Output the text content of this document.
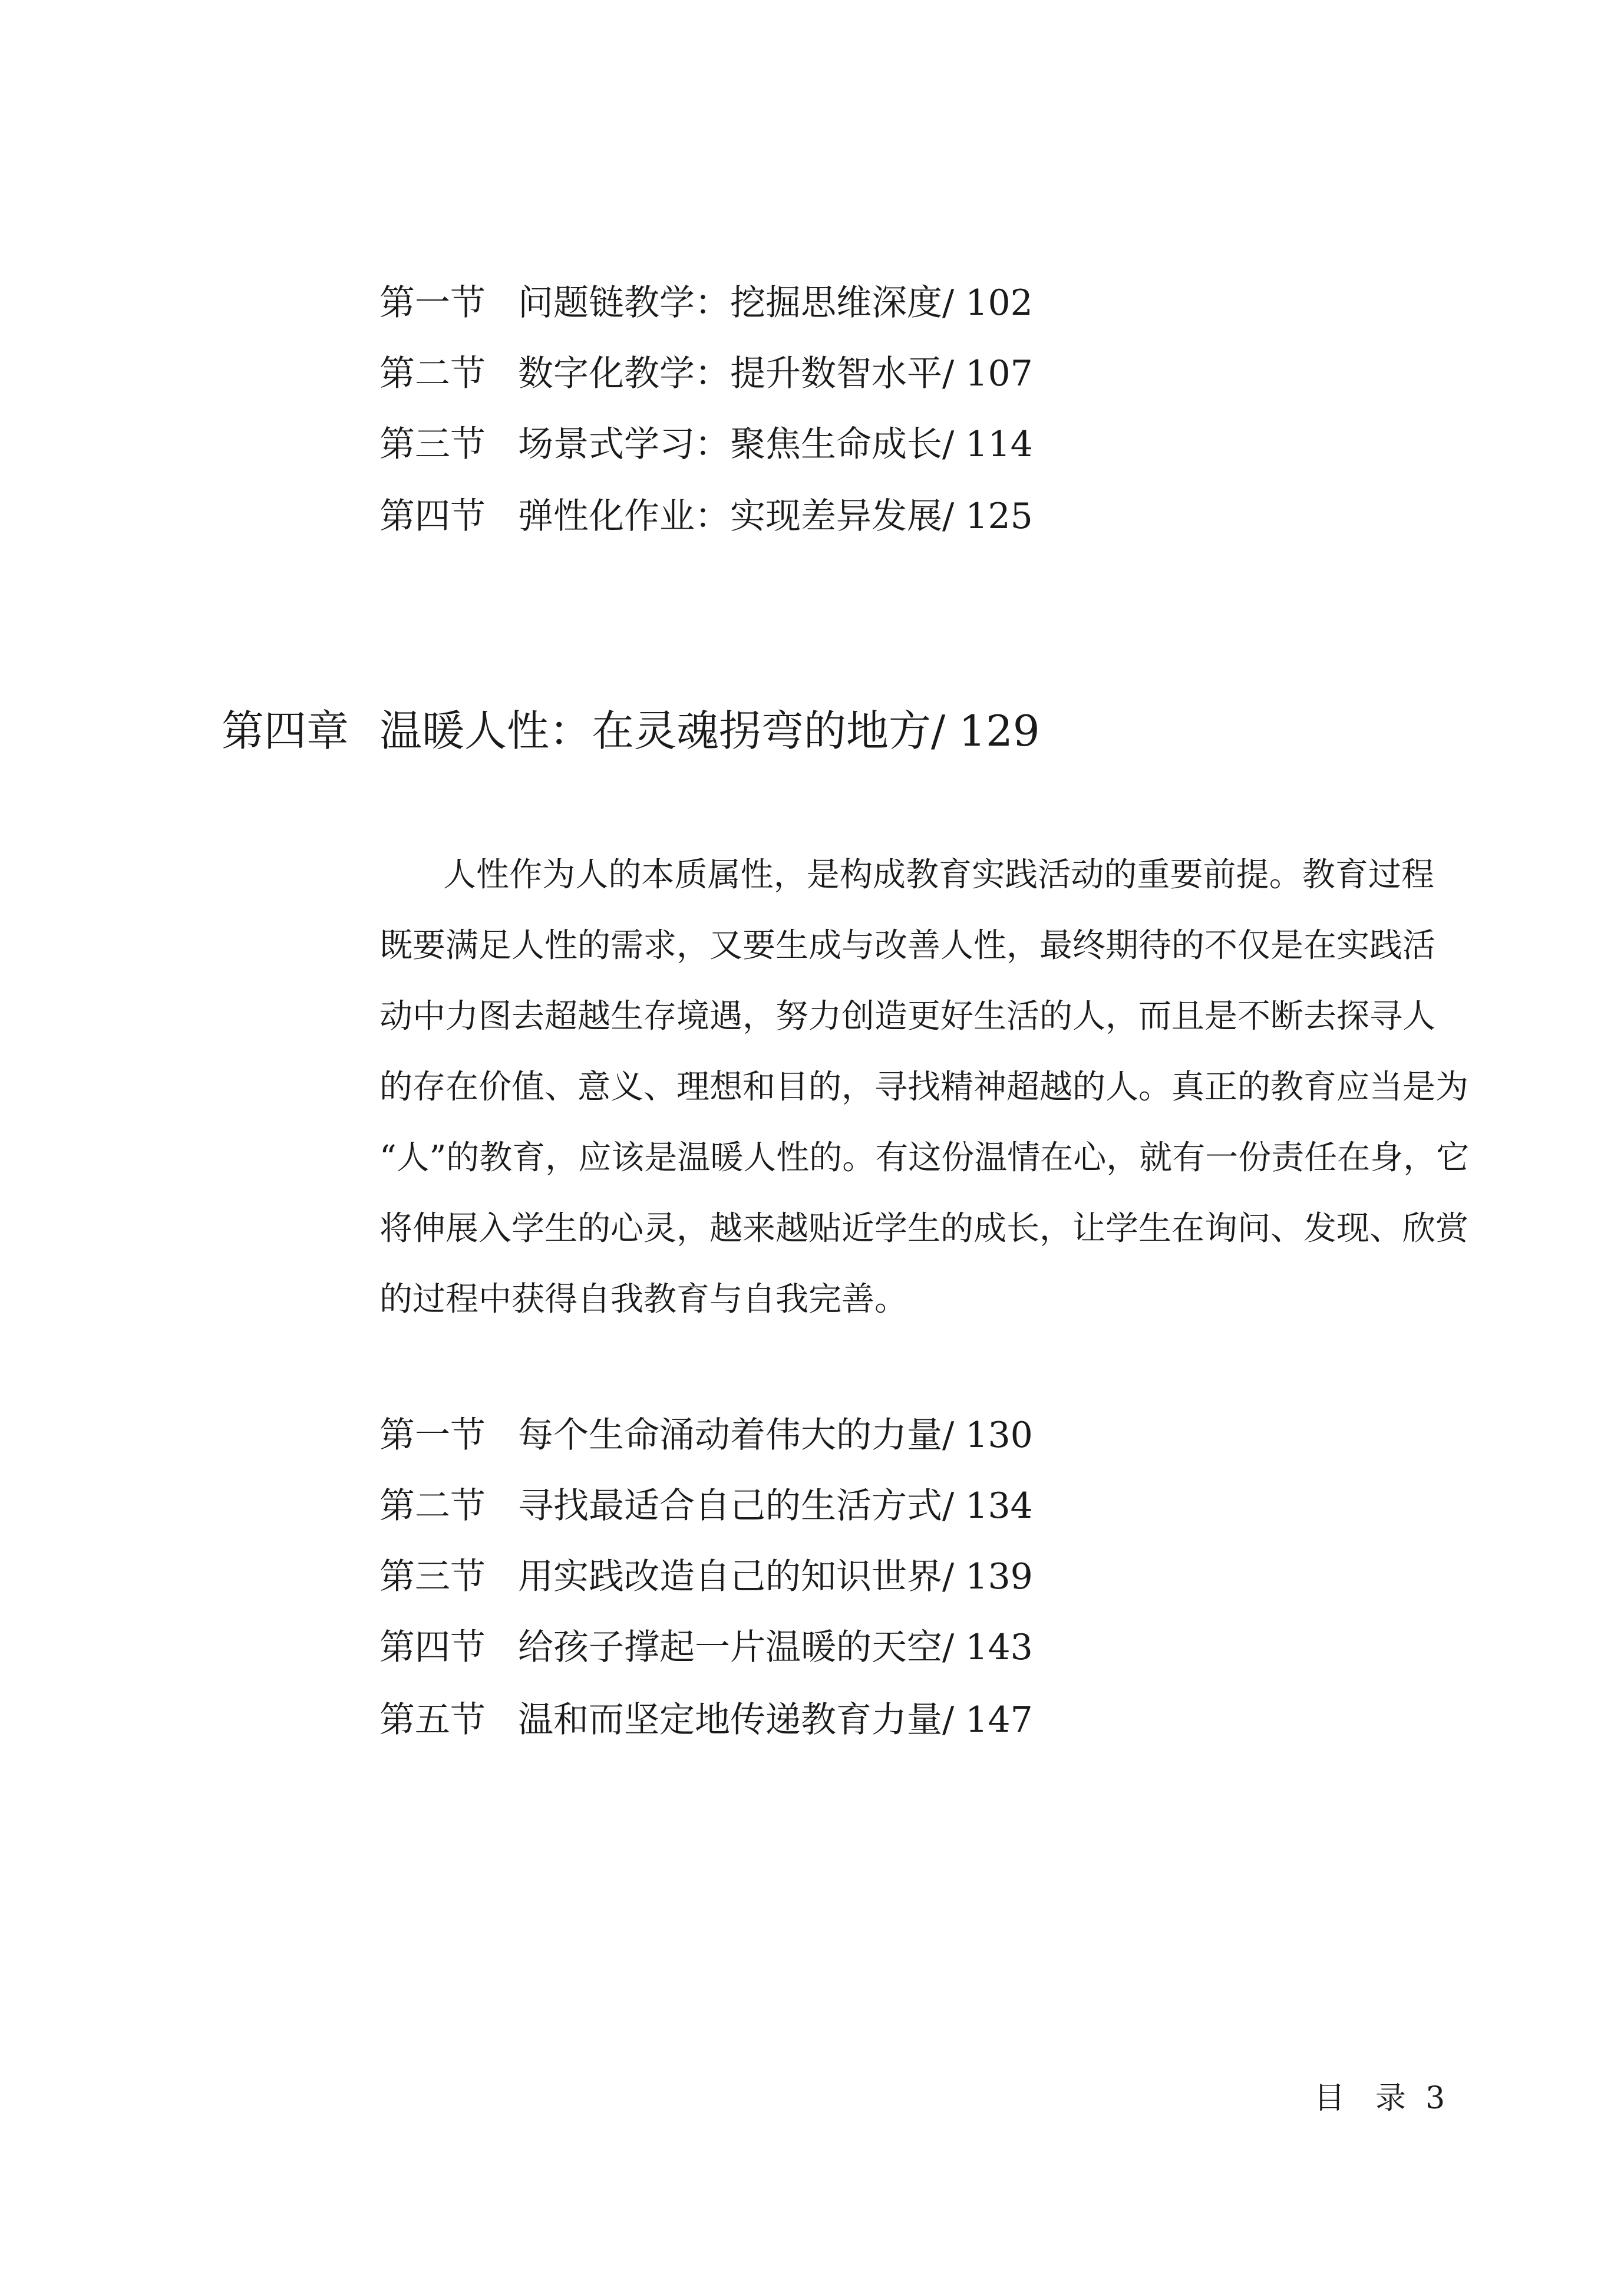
第一节 问题链教学：挖掘思维深度/ 102
第二节 数字化教学：提升数智水平/ 107
第三节 场景式学习：聚焦生命成长/ 114
第四节 弹性化作业：实现差异发展/ 125
第四章 温暖人性：在灵魂拐弯的地方/ 129
人性作为人的本质属性，是构成教育实践活动的重要前提。教育过程
既要满足人性的需求，又要生成与改善人性，最终期待的不仅是在实践活
动中力图去超越生存境遇，努力创造更好生活的人，而且是不断去探寻人
的存在价值、意义、理想和目的，寻找精神超越的人。真正的教育应当是为
“人”的教育，应该是温暖人性的。有这份温情在心，就有一份责任在身，它
将伸展入学生的心灵，越来越贴近学生的成长，让学生在询问、发现、欣赏
的过程中获得自我教育与自我完善。
第一节 每个生命涌动着伟大的力量/ 130
第二节 寻找最适合自己的生活方式/ 134
第三节 用实践改造自己的知识世界/ 139
第四节 给孩子撑起一片温暖的天空/ 143
第五节 温和而坚定地传递教育力量/ 147
目　录 3
